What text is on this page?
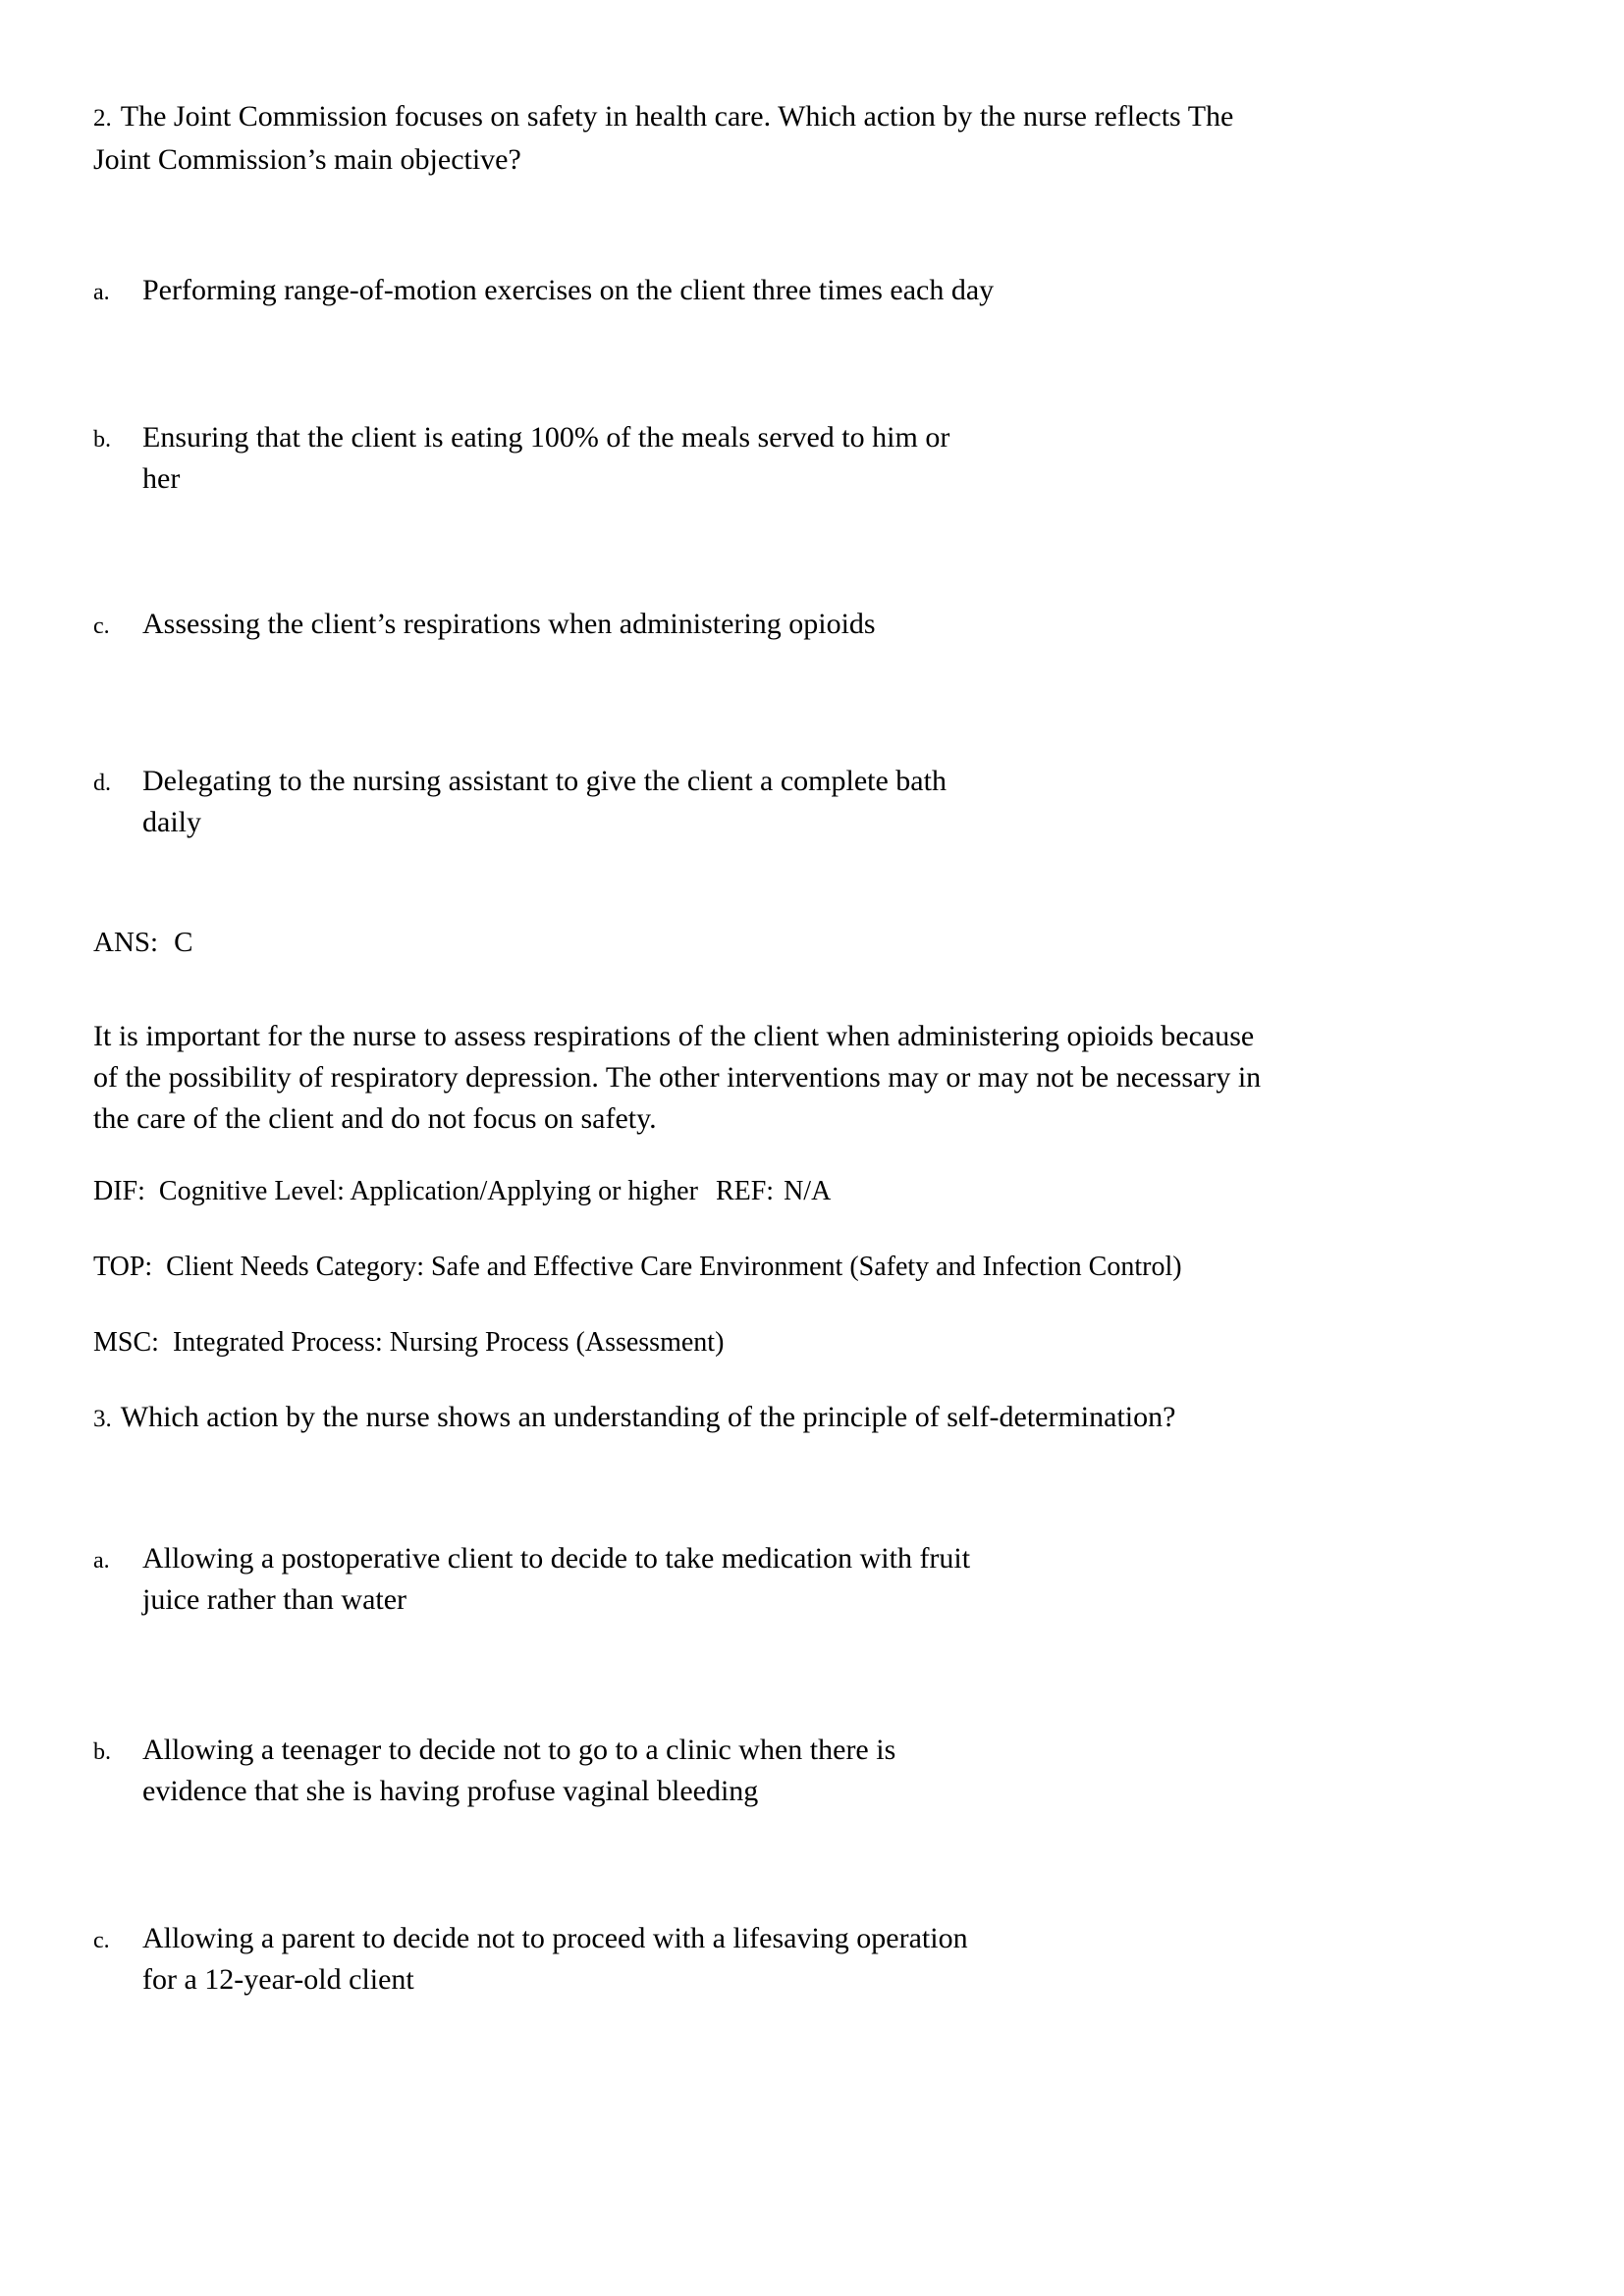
2. The Joint Commission focuses on safety in health care. Which action by the nurse reflects The
Joint Commission’s main objective?
a.	Performing range-of-motion exercises on the client three times each day
b.	Ensuring that the client is eating 100% of the meals served to him or
her
c.	Assessing the client’s respirations when administering opioids
d.	Delegating to the nursing assistant to give the client a complete bath
daily
ANS: C
It is important for the nurse to assess respirations of the client when administering opioids because
of the possibility of respiratory depression. The other interventions may or may not be necessary in
the care of the client and do not focus on safety.
DIF: Cognitive Level: Application/Applying or higher REF: N/A
TOP: Client Needs Category: Safe and Effective Care Environment (Safety and Infection Control)
MSC: Integrated Process: Nursing Process (Assessment)
3. Which action by the nurse shows an understanding of the principle of self-determination?
a.	Allowing a postoperative client to decide to take medication with fruit
juice rather than water
b.	Allowing a teenager to decide not to go to a clinic when there is
evidence that she is having profuse vaginal bleeding
c.	Allowing a parent to decide not to proceed with a lifesaving operation
for a 12-year-old client
